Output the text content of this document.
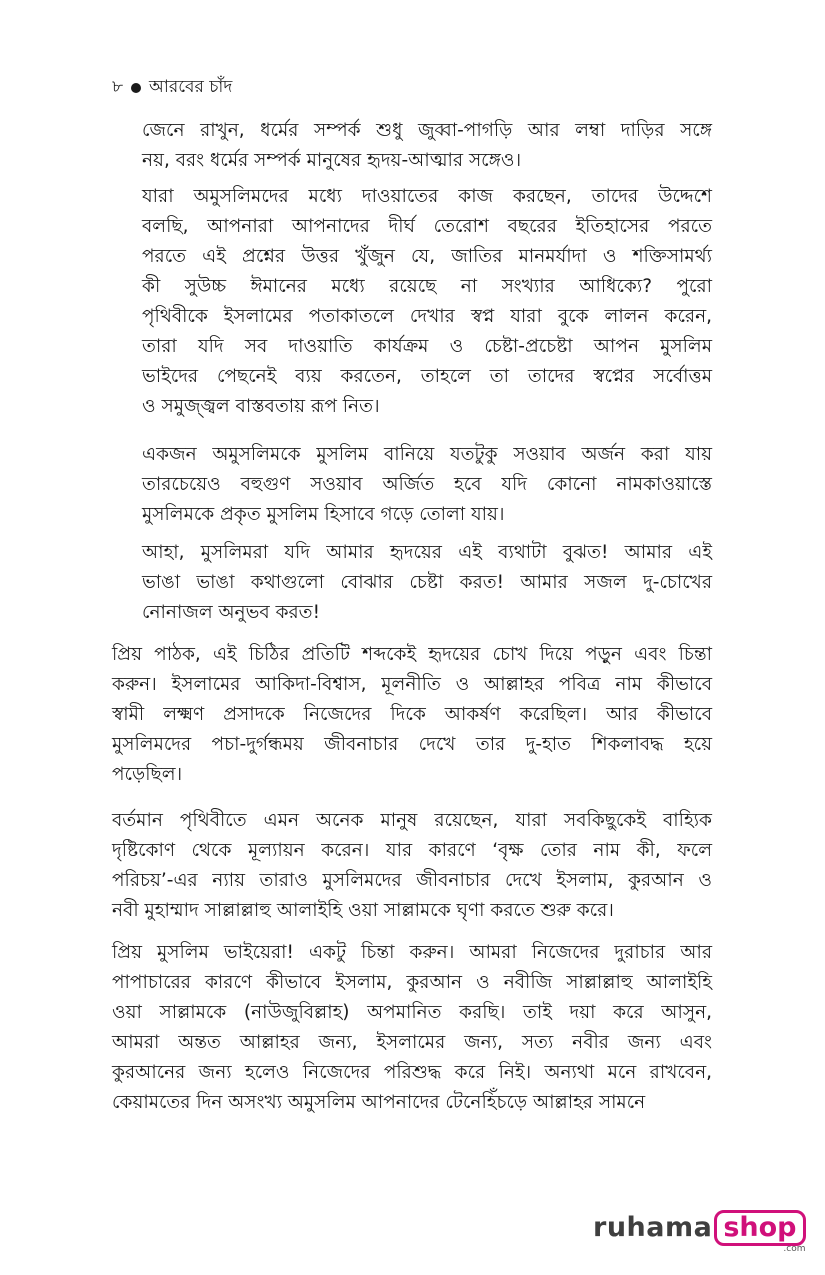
৮ আরবের চাঁদ

জেনে রাখুন, ধর্মের সম্পর্ক শুধু জুব্বা-পাগড়ি আর লম্বা দাড়ির সঙ্গে
নয়, বরং ধর্মের সম্পর্ক মানুষের হৃদয়-আত্মার সঙ্গেও।

যারা অমুসলিমদের মধ্যে দাওয়াতের কাজ করছেন, তাদের উদ্দেশে
বলছি, আপনারা আপনাদের দীর্ঘ তেরোশ বছরের ইতিহাসের পরতে
পরতে এই প্রশ্নের উত্তর খুঁজুন যে, জাতির মানমর্যাদা ও শক্তিসামর্থ্য
কী সুউচ্চ ঈমানের মধ্যে রয়েছে না সংখ্যার আধিক্যে? পুরো
পৃথিবীকে ইসলামের পতাকাতলে দেখার স্বপ্ন যারা বুকে লালন করেন,
তারা যদি সব দাওয়াতি কার্যক্রম ও চেষ্টা-প্রচেষ্টা আপন মুসলিম
ভাইদের পেছনেই ব্যয় করতেন, তাহলে তা তাদের স্বপ্নের সর্বোত্তম
ও সমুজ্জ্বল বাস্তবতায় রূপ নিত।

একজন অমুসলিমকে মুসলিম বানিয়ে যতটুকু সওয়াব অর্জন করা যায়
তারচেয়েও বহুগুণ সওয়াব অর্জিত হবে যদি কোনো নামকাওয়াস্তে
মুসলিমকে প্রকৃত মুসলিম হিসাবে গড়ে তোলা যায়।

আহা, মুসলিমরা যদি আমার হৃদয়ের এই ব্যথাটা বুঝত! আমার এই
ভাঙা ভাঙা কথাগুলো বোঝার চেষ্টা করত! আমার সজল দু-চোখের
নোনাজল অনুভব করত!

প্রিয় পাঠক, এই চিঠির প্রতিটি শব্দকেই হৃদয়ের চোখ দিয়ে পড়ুন এবং চিন্তা
করুন। ইসলামের আকিদা-বিশ্বাস, মূলনীতি ও আল্লাহর পবিত্র নাম কীভাবে
স্বামী লক্ষ্মণ প্রসাদকে নিজেদের দিকে আকর্ষণ করেছিল। আর কীভাবে
মুসলিমদের পচা-দুর্গন্ধময় জীবনাচার দেখে তার দু-হাত শিকলাবদ্ধ হয়ে
পড়েছিল।

বর্তমান পৃথিবীতে এমন অনেক মানুষ রয়েছেন, যারা সবকিছুকেই বাহ্যিক
দৃষ্টিকোণ থেকে মূল্যায়ন করেন। যার কারণে ‘বৃক্ষ তোর নাম কী, ফলে
পরিচয়’-এর ন্যায় তারাও মুসলিমদের জীবনাচার দেখে ইসলাম, কুরআন ও
নবী মুহাম্মাদ সাল্লাল্লাহু আলাইহি ওয়া সাল্লামকে ঘৃণা করতে শুরু করে।

প্রিয় মুসলিম ভাইয়েরা! একটু চিন্তা করুন। আমরা নিজেদের দুরাচার আর
পাপাচারের কারণে কীভাবে ইসলাম, কুরআন ও নবীজি সাল্লাল্লাহু আলাইহি
ওয়া সাল্লামকে (নাউজুবিল্লাহ) অপমানিত করছি। তাই দয়া করে আসুন,
আমরা অন্তত আল্লাহর জন্য, ইসলামের জন্য, সত্য নবীর জন্য এবং
কুরআনের জন্য হলেও নিজেদের পরিশুদ্ধ করে নিই। অন্যথা মনে রাখবেন,
কেয়ামতের দিন অসংখ্য অমুসলিম আপনাদের টেনেহিঁচড়ে আল্লাহর সামনে

ruhama shop
.com
